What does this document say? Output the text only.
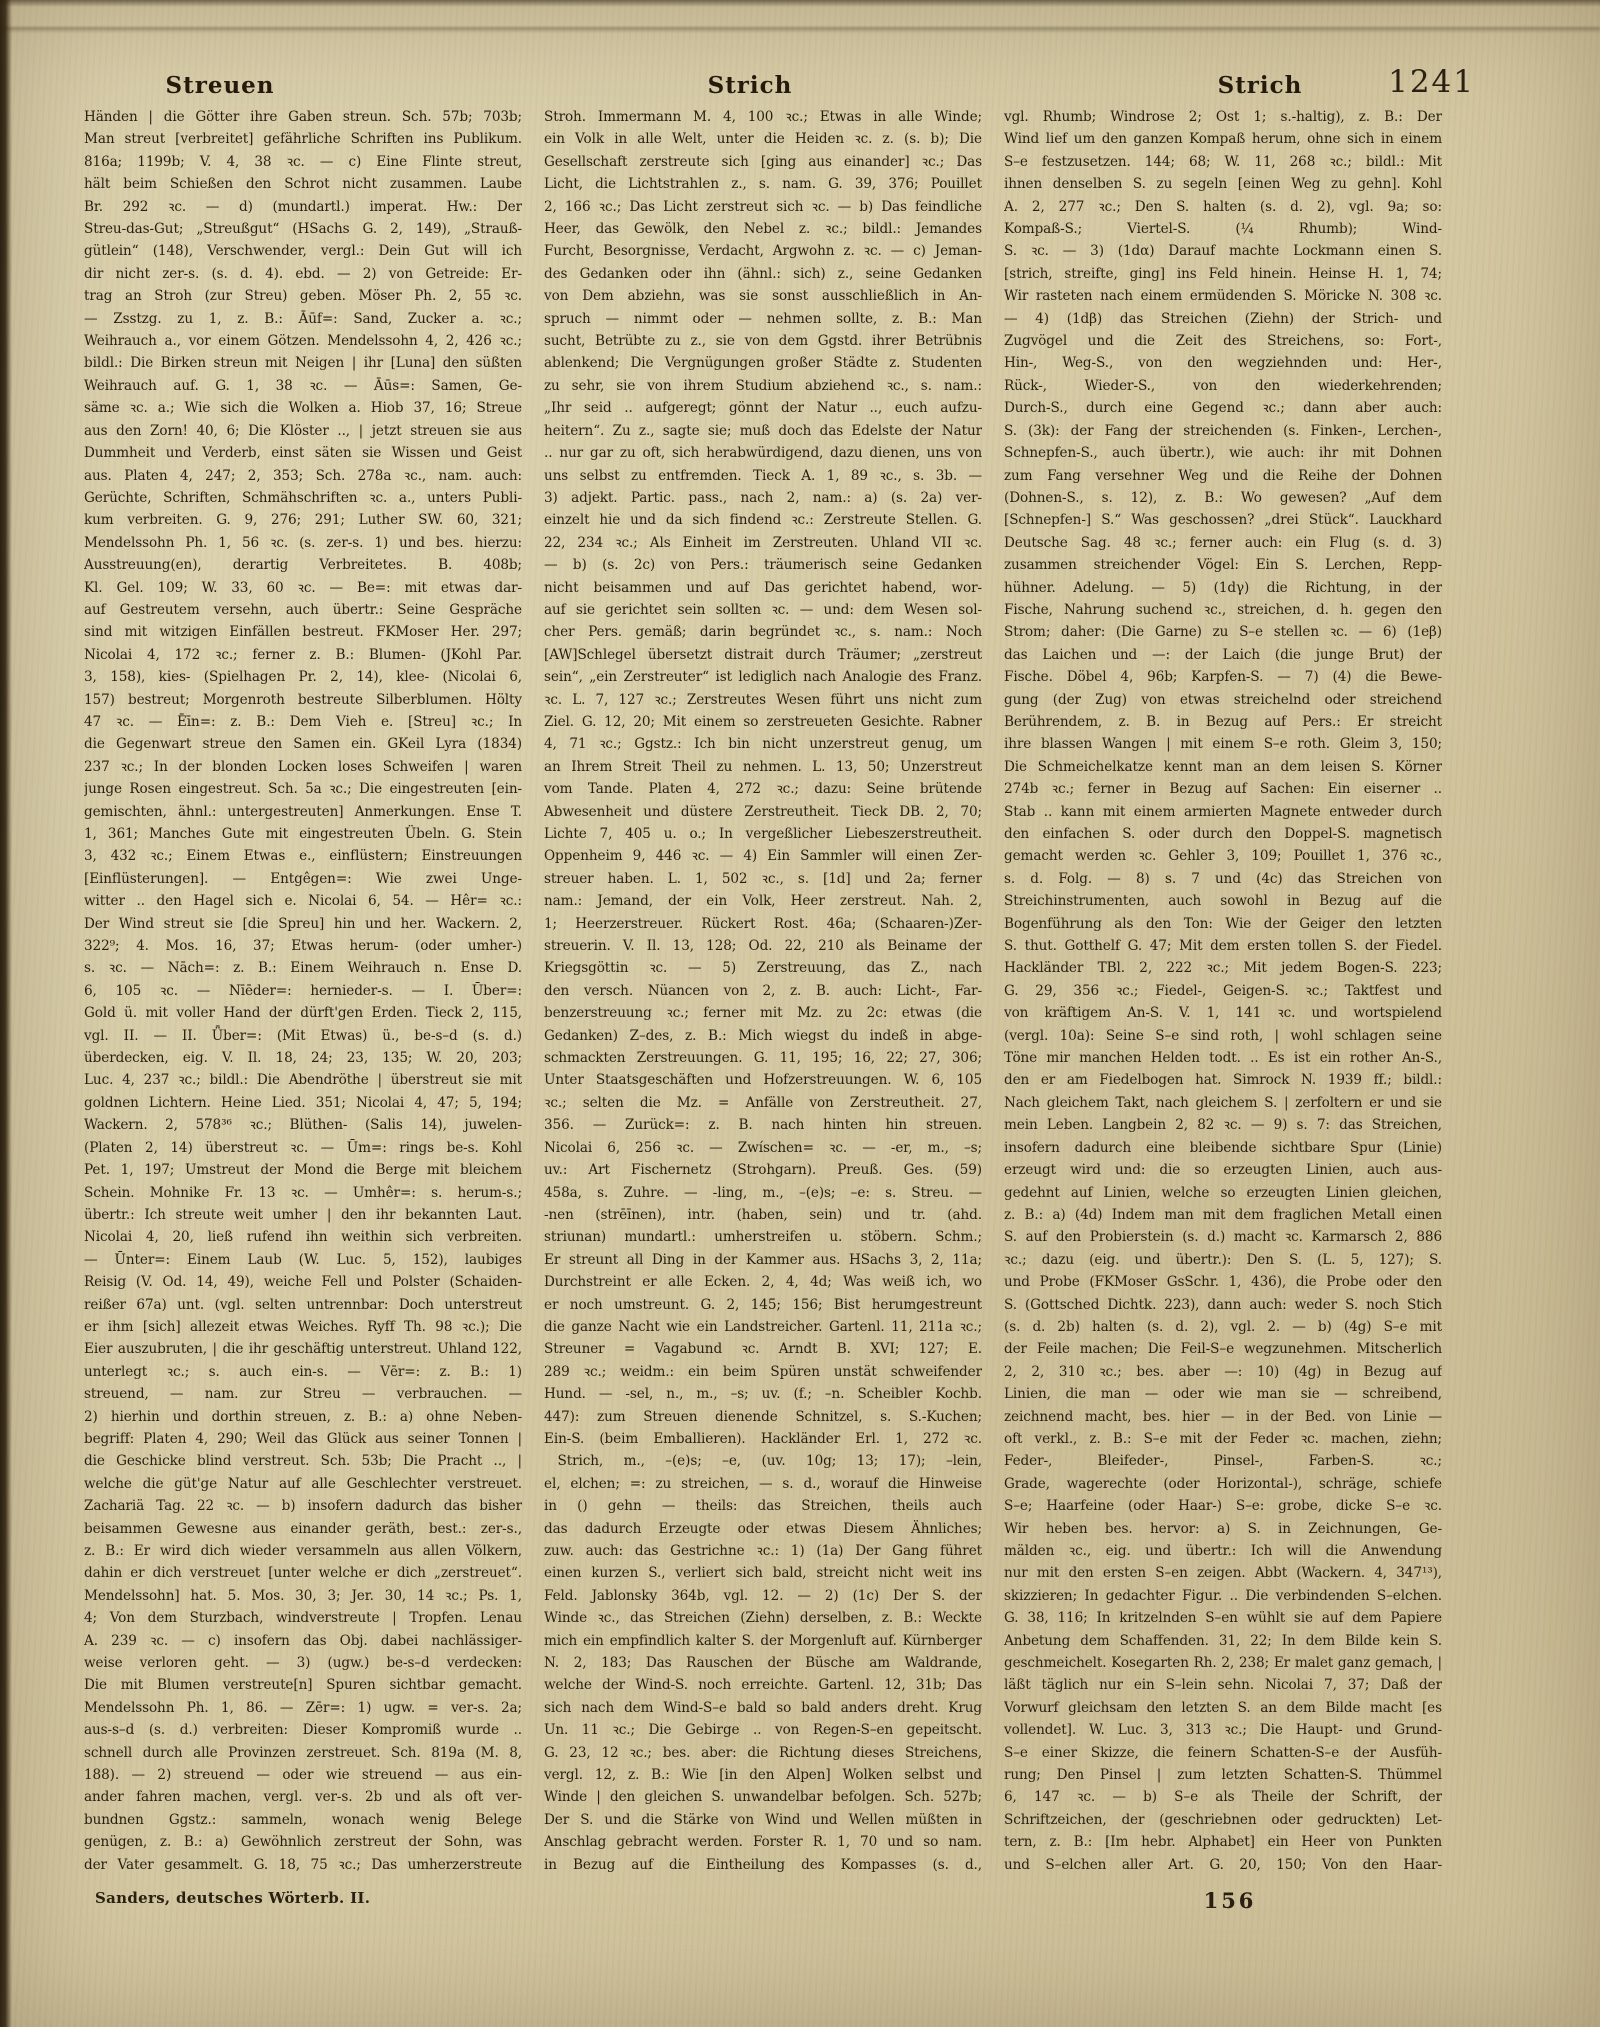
Streuen	Strich	Strich	1241
Händen | die Götter ihre Gaben streun. Sch. 57b; 703b;
Man streut [verbreitet] gefährliche Schriften ins Publikum.
816a; 1199b; V. 4, 38 ꝛc. — c) Eine Flinte streut,
hält beim Schießen den Schrot nicht zusammen. Laube
Br. 292 ꝛc. — d) (mundartl.) imperat. Hw.: Der
Streu-das-Gut; „Streußgut“ (HSachs G. 2, 149), „Strauß-
gütlein“ (148), Verschwender, vergl.: Dein Gut will ich
dir nicht zer-s. (s. d. 4). ebd. — 2) von Getreide: Er-
trag an Stroh (zur Streu) geben. Möser Ph. 2, 55 ꝛc.
— Zsstzg. zu 1, z. B.: Āūf=: Sand, Zucker a. ꝛc.;
Weihrauch a., vor einem Götzen. Mendelssohn 4, 2, 426 ꝛc.;
bildl.: Die Birken streun mit Neigen | ihr [Luna] den süßten
Weihrauch auf. G. 1, 38 ꝛc. — Āūs=: Samen, Ge-
säme ꝛc. a.; Wie sich die Wolken a. Hiob 37, 16; Streue
aus den Zorn! 40, 6; Die Klöster .., | jetzt streuen sie aus
Dummheit und Verderb, einst säten sie Wissen und Geist
aus. Platen 4, 247; 2, 353; Sch. 278a ꝛc., nam. auch:
Gerüchte, Schriften, Schmähschriften ꝛc. a., unters Publi-
kum verbreiten. G. 9, 276; 291; Luther SW. 60, 321;
Mendelssohn Ph. 1, 56 ꝛc. (s. zer-s. 1) und bes. hierzu:
Ausstreuung(en), derartig Verbreitetes. B. 408b;
Kl. Gel. 109; W. 33, 60 ꝛc. — Be=: mit etwas dar-
auf Gestreutem versehn, auch übertr.: Seine Gespräche
sind mit witzigen Einfällen bestreut. FKMoser Her. 297;
Nicolai 4, 172 ꝛc.; ferner z. B.: Blumen- (JKohl Par.
3, 158), kies- (Spielhagen Pr. 2, 14), klee- (Nicolai 6,
157) bestreut; Morgenroth bestreute Silberblumen. Hölty
47 ꝛc. — Ēīn=: z. B.: Dem Vieh e. [Streu] ꝛc.; In
die Gegenwart streue den Samen ein. GKeil Lyra (1834)
237 ꝛc.; In der blonden Locken loses Schweifen | waren
junge Rosen eingestreut. Sch. 5a ꝛc.; Die eingestreuten [ein-
gemischten, ähnl.: untergestreuten] Anmerkungen. Ense T.
1, 361; Manches Gute mit eingestreuten Übeln. G. Stein
3, 432 ꝛc.; Einem Etwas e., einflüstern; Einstreuungen
[Einflüsterungen]. — Entgêgen=: Wie zwei Unge-
witter .. den Hagel sich e. Nicolai 6, 54. — Hêr= ꝛc.:
Der Wind streut sie [die Spreu] hin und her. Wackern. 2,
322⁹; 4. Mos. 16, 37; Etwas herum- (oder umher-)
s. ꝛc. — Nāch=: z. B.: Einem Weihrauch n. Ense D.
6, 105 ꝛc. — Nīēder=: hernieder-s. — I. Ūber=:
Gold ü. mit voller Hand der dürft'gen Erden. Tieck 2, 115,
vgl. II. — II. Ǖber=: (Mit Etwas) ü., be-s–d (s. d.)
überdecken, eig. V. Il. 18, 24; 23, 135; W. 20, 203;
Luc. 4, 237 ꝛc.; bildl.: Die Abendröthe | überstreut sie mit
goldnen Lichtern. Heine Lied. 351; Nicolai 4, 47; 5, 194;
Wackern. 2, 578³⁶ ꝛc.; Blüthen- (Salis 14), juwelen-
(Platen 2, 14) überstreut ꝛc. — Ūm=: rings be-s. Kohl
Pet. 1, 197; Umstreut der Mond die Berge mit bleichem
Schein. Mohnike Fr. 13 ꝛc. — Umhêr=: s. herum-s.;
übertr.: Ich streute weit umher | den ihr bekannten Laut.
Nicolai 4, 20, ließ rufend ihn weithin sich verbreiten.
— Ūnter=: Einem Laub (W. Luc. 5, 152), laubiges
Reisig (V. Od. 14, 49), weiche Fell und Polster (Schaiden-
reißer 67a) unt. (vgl. selten untrennbar: Doch unterstreut
er ihm [sich] allezeit etwas Weiches. Ryff Th. 98 ꝛc.); Die
Eier auszubruten, | die ihr geschäftig unterstreut. Uhland 122,
unterlegt ꝛc.; s. auch ein-s. — Vēr=: z. B.: 1)
streuend, — nam. zur Streu — verbrauchen. —
2) hierhin und dorthin streuen, z. B.: a) ohne Neben-
begriff: Platen 4, 290; Weil das Glück aus seiner Tonnen |
die Geschicke blind verstreut. Sch. 53b; Die Pracht .., |
welche die güt'ge Natur auf alle Geschlechter verstreuet.
Zachariä Tag. 22 ꝛc. — b) insofern dadurch das bisher
beisammen Gewesne aus einander geräth, best.: zer-s.,
z. B.: Er wird dich wieder versammeln aus allen Völkern,
dahin er dich verstreuet [unter welche er dich „zerstreuet“.
Mendelssohn] hat. 5. Mos. 30, 3; Jer. 30, 14 ꝛc.; Ps. 1,
4; Von dem Sturzbach, windverstreute | Tropfen. Lenau
A. 239 ꝛc. — c) insofern das Obj. dabei nachlässiger-
weise verloren geht. — 3) (ugw.) be-s–d verdecken:
Die mit Blumen verstreute[n] Spuren sichtbar gemacht.
Mendelssohn Ph. 1, 86. — Zēr=: 1) ugw. = ver-s. 2a;
aus-s–d (s. d.) verbreiten: Dieser Kompromiß wurde ..
schnell durch alle Provinzen zerstreuet. Sch. 819a (M. 8,
188). — 2) streuend — oder wie streuend — aus ein-
ander fahren machen, vergl. ver-s. 2b und als oft ver-
bundnen Ggstz.: sammeln, wonach wenig Belege
genügen, z. B.: a) Gewöhnlich zerstreut der Sohn, was
der Vater gesammelt. G. 18, 75 ꝛc.; Das umherzerstreute
Stroh. Immermann M. 4, 100 ꝛc.; Etwas in alle Winde;
ein Volk in alle Welt, unter die Heiden ꝛc. z. (s. b); Die
Gesellschaft zerstreute sich [ging aus einander] ꝛc.; Das
Licht, die Lichtstrahlen z., s. nam. G. 39, 376; Pouillet
2, 166 ꝛc.; Das Licht zerstreut sich ꝛc. — b) Das feindliche
Heer, das Gewölk, den Nebel z. ꝛc.; bildl.: Jemandes
Furcht, Besorgnisse, Verdacht, Argwohn z. ꝛc. — c) Jeman-
des Gedanken oder ihn (ähnl.: sich) z., seine Gedanken
von Dem abziehn, was sie sonst ausschließlich in An-
spruch — nimmt oder — nehmen sollte, z. B.: Man
sucht, Betrübte zu z., sie von dem Ggstd. ihrer Betrübnis
ablenkend; Die Vergnügungen großer Städte z. Studenten
zu sehr, sie von ihrem Studium abziehend ꝛc., s. nam.:
„Ihr seid .. aufgeregt; gönnt der Natur .., euch aufzu-
heitern“. Zu z., sagte sie; muß doch das Edelste der Natur
.. nur gar zu oft, sich herabwürdigend, dazu dienen, uns von
uns selbst zu entfremden. Tieck A. 1, 89 ꝛc., s. 3b. —
3) adjekt. Partic. pass., nach 2, nam.: a) (s. 2a) ver-
einzelt hie und da sich findend ꝛc.: Zerstreute Stellen. G.
22, 234 ꝛc.; Als Einheit im Zerstreuten. Uhland VII ꝛc.
— b) (s. 2c) von Pers.: träumerisch seine Gedanken
nicht beisammen und auf Das gerichtet habend, wor-
auf sie gerichtet sein sollten ꝛc. — und: dem Wesen sol-
cher Pers. gemäß; darin begründet ꝛc., s. nam.: Noch
[AW]Schlegel übersetzt distrait durch Träumer; „zerstreut
sein“, „ein Zerstreuter“ ist lediglich nach Analogie des Franz.
ꝛc. L. 7, 127 ꝛc.; Zerstreutes Wesen führt uns nicht zum
Ziel. G. 12, 20; Mit einem so zerstreueten Gesichte. Rabner
4, 71 ꝛc.; Ggstz.: Ich bin nicht unzerstreut genug, um
an Ihrem Streit Theil zu nehmen. L. 13, 50; Unzerstreut
vom Tande. Platen 4, 272 ꝛc.; dazu: Seine brütende
Abwesenheit und düstere Zerstreutheit. Tieck DB. 2, 70;
Lichte 7, 405 u. o.; In vergeßlicher Liebeszerstreutheit.
Oppenheim 9, 446 ꝛc. — 4) Ein Sammler will einen Zer-
streuer haben. L. 1, 502 ꝛc., s. [1d] und 2a; ferner
nam.: Jemand, der ein Volk, Heer zerstreut. Nah. 2,
1; Heerzerstreuer. Rückert Rost. 46a; (Schaaren-)Zer-
streuerin. V. Il. 13, 128; Od. 22, 210 als Beiname der
Kriegsgöttin ꝛc. — 5) Zerstreuung, das Z., nach
den versch. Nüancen von 2, z. B. auch: Licht-, Far-
benzerstreuung ꝛc.; ferner mit Mz. zu 2c: etwas (die
Gedanken) Z–des, z. B.: Mich wiegst du indeß in abge-
schmackten Zerstreuungen. G. 11, 195; 16, 22; 27, 306;
Unter Staatsgeschäften und Hofzerstreuungen. W. 6, 105
ꝛc.; selten die Mz. = Anfälle von Zerstreutheit. 27,
356. — Zurück=: z. B. nach hinten hin streuen.
Nicolai 6, 256 ꝛc. — Zwíschen= ꝛc. — -er, m., –s;
uv.: Art Fischernetz (Strohgarn). Preuß. Ges. (59)
458a, s. Zuhre. — -ling, m., –(e)s; –e: s. Streu. —
-nen (strēīnen), intr. (haben, sein) und tr. (ahd.
striunan) mundartl.: umherstreifen u. stöbern. Schm.;
Er streunt all Ding in der Kammer aus. HSachs 3, 2, 11a;
Durchstreint er alle Ecken. 2, 4, 4d; Was weiß ich, wo
er noch umstreunt. G. 2, 145; 156; Bist herumgestreunt
die ganze Nacht wie ein Landstreicher. Gartenl. 11, 211a ꝛc.;
Streuner = Vagabund ꝛc. Arndt B. XVI; 127; E.
289 ꝛc.; weidm.: ein beim Spüren unstät schweifender
Hund. — -sel, n., m., –s; uv. (f.; –n. Scheibler Kochb.
447): zum Streuen dienende Schnitzel, s. S.-Kuchen;
Ein-S. (beim Emballieren). Hackländer Erl. 1, 272 ꝛc.
 Strich, m., –(e)s; –e, (uv. 10g; 13; 17); –lein,
el, elchen; =: zu streichen, — s. d., worauf die Hinweise
in () gehn — theils: das Streichen, theils auch
das dadurch Erzeugte oder etwas Diesem Ähnliches;
zuw. auch: das Gestrichne ꝛc.: 1) (1a) Der Gang führet
einen kurzen S., verliert sich bald, streicht nicht weit ins
Feld. Jablonsky 364b, vgl. 12. — 2) (1c) Der S. der
Winde ꝛc., das Streichen (Ziehn) derselben, z. B.: Weckte
mich ein empfindlich kalter S. der Morgenluft auf. Kürnberger
N. 2, 183; Das Rauschen der Büsche am Waldrande,
welche der Wind-S. noch erreichte. Gartenl. 12, 31b; Das
sich nach dem Wind-S–e bald so bald anders dreht. Krug
Un. 11 ꝛc.; Die Gebirge .. von Regen-S–en gepeitscht.
G. 23, 12 ꝛc.; bes. aber: die Richtung dieses Streichens,
vergl. 12, z. B.: Wie [in den Alpen] Wolken selbst und
Winde | den gleichen S. unwandelbar befolgen. Sch. 527b;
Der S. und die Stärke von Wind und Wellen müßten in
Anschlag gebracht werden. Forster R. 1, 70 und so nam.
in Bezug auf die Eintheilung des Kompasses (s. d.,
vgl. Rhumb; Windrose 2; Ost 1; s.-haltig), z. B.: Der
Wind lief um den ganzen Kompaß herum, ohne sich in einem
S–e festzusetzen. 144; 68; W. 11, 268 ꝛc.; bildl.: Mit
ihnen denselben S. zu segeln [einen Weg zu gehn]. Kohl
A. 2, 277 ꝛc.; Den S. halten (s. d. 2), vgl. 9a; so:
Kompaß-S.; Viertel-S. (¼ Rhumb); Wind-
S. ꝛc. — 3) (1dα) Darauf machte Lockmann einen S.
[strich, streifte, ging] ins Feld hinein. Heinse H. 1, 74;
Wir rasteten nach einem ermüdenden S. Möricke N. 308 ꝛc.
— 4) (1dβ) das Streichen (Ziehn) der Strich- und
Zugvögel und die Zeit des Streichens, so: Fort-,
Hin-, Weg-S., von den wegziehnden und: Her-,
Rück-, Wieder-S., von den wiederkehrenden;
Durch-S., durch eine Gegend ꝛc.; dann aber auch:
S. (3k): der Fang der streichenden (s. Finken-, Lerchen-,
Schnepfen-S., auch übertr.), wie auch: ihr mit Dohnen
zum Fang versehner Weg und die Reihe der Dohnen
(Dohnen-S., s. 12), z. B.: Wo gewesen? „Auf dem
[Schnepfen-] S.“ Was geschossen? „drei Stück“. Lauckhard
Deutsche Sag. 48 ꝛc.; ferner auch: ein Flug (s. d. 3)
zusammen streichender Vögel: Ein S. Lerchen, Repp-
hühner. Adelung. — 5) (1dγ) die Richtung, in der
Fische, Nahrung suchend ꝛc., streichen, d. h. gegen den
Strom; daher: (Die Garne) zu S–e stellen ꝛc. — 6) (1eβ)
das Laichen und —: der Laich (die junge Brut) der
Fische. Döbel 4, 96b; Karpfen-S. — 7) (4) die Bewe-
gung (der Zug) von etwas streichelnd oder streichend
Berührendem, z. B. in Bezug auf Pers.: Er streicht
ihre blassen Wangen | mit einem S–e roth. Gleim 3, 150;
Die Schmeichelkatze kennt man an dem leisen S. Körner
274b ꝛc.; ferner in Bezug auf Sachen: Ein eiserner ..
Stab .. kann mit einem armierten Magnete entweder durch
den einfachen S. oder durch den Doppel-S. magnetisch
gemacht werden ꝛc. Gehler 3, 109; Pouillet 1, 376 ꝛc.,
s. d. Folg. — 8) s. 7 und (4c) das Streichen von
Streichinstrumenten, auch sowohl in Bezug auf die
Bogenführung als den Ton: Wie der Geiger den letzten
S. thut. Gotthelf G. 47; Mit dem ersten tollen S. der Fiedel.
Hackländer TBl. 2, 222 ꝛc.; Mit jedem Bogen-S. 223;
G. 29, 356 ꝛc.; Fiedel-, Geigen-S. ꝛc.; Taktfest und
von kräftigem An-S. V. 1, 141 ꝛc. und wortspielend
(vergl. 10a): Seine S–e sind roth, | wohl schlagen seine
Töne mir manchen Helden todt. .. Es ist ein rother An-S.,
den er am Fiedelbogen hat. Simrock N. 1939 ff.; bildl.:
Nach gleichem Takt, nach gleichem S. | zerfoltern er und sie
mein Leben. Langbein 2, 82 ꝛc. — 9) s. 7: das Streichen,
insofern dadurch eine bleibende sichtbare Spur (Linie)
erzeugt wird und: die so erzeugten Linien, auch aus-
gedehnt auf Linien, welche so erzeugten Linien gleichen,
z. B.: a) (4d) Indem man mit dem fraglichen Metall einen
S. auf den Probierstein (s. d.) macht ꝛc. Karmarsch 2, 886
ꝛc.; dazu (eig. und übertr.): Den S. (L. 5, 127); S.
und Probe (FKMoser GsSchr. 1, 436), die Probe oder den
S. (Gottsched Dichtk. 223), dann auch: weder S. noch Stich
(s. d. 2b) halten (s. d. 2), vgl. 2. — b) (4g) S–e mit
der Feile machen; Die Feil-S–e wegzunehmen. Mitscherlich
2, 2, 310 ꝛc.; bes. aber —: 10) (4g) in Bezug auf
Linien, die man — oder wie man sie — schreibend,
zeichnend macht, bes. hier — in der Bed. von Linie —
oft verkl., z. B.: S–e mit der Feder ꝛc. machen, ziehn;
Feder-, Bleifeder-, Pinsel-, Farben-S. ꝛc.;
Grade, wagerechte (oder Horizontal-), schräge, schiefe
S–e; Haarfeine (oder Haar-) S–e: grobe, dicke S–e ꝛc.
Wir heben bes. hervor: a) S. in Zeichnungen, Ge-
mälden ꝛc., eig. und übertr.: Ich will die Anwendung
nur mit den ersten S–en zeigen. Abbt (Wackern. 4, 347¹³),
skizzieren; In gedachter Figur. .. Die verbindenden S–elchen.
G. 38, 116; In kritzelnden S–en wühlt sie auf dem Papiere
Anbetung dem Schaffenden. 31, 22; In dem Bilde kein S.
geschmeichelt. Kosegarten Rh. 2, 238; Er malet ganz gemach, |
läßt täglich nur ein S–lein sehn. Nicolai 7, 37; Daß der
Vorwurf gleichsam den letzten S. an dem Bilde macht [es
vollendet]. W. Luc. 3, 313 ꝛc.; Die Haupt- und Grund-
S–e einer Skizze, die feinern Schatten-S–e der Ausfüh-
rung; Den Pinsel | zum letzten Schatten-S. Thümmel
6, 147 ꝛc. — b) S–e als Theile der Schrift, der
Schriftzeichen, der (geschriebnen oder gedruckten) Let-
tern, z. B.: [Im hebr. Alphabet] ein Heer von Punkten
und S–elchen aller Art. G. 20, 150; Von den Haar-
Sanders, deutsches Wörterb. II.	156
